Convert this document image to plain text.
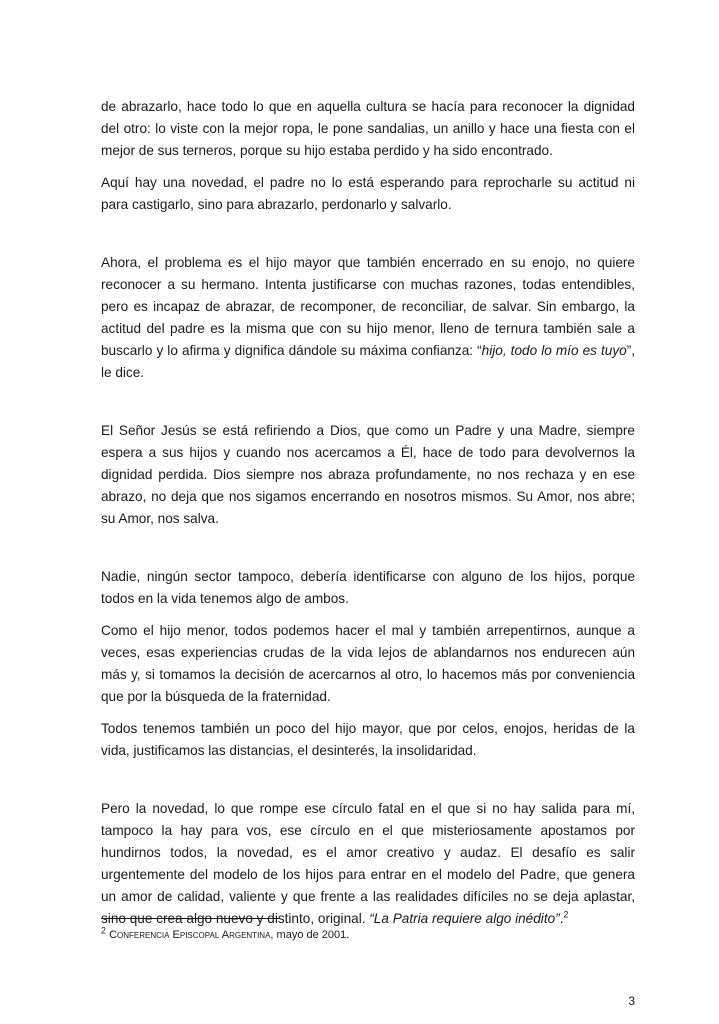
de abrazarlo, hace todo lo que en aquella cultura se hacía para reconocer la dignidad del otro: lo viste con la mejor ropa, le pone sandalias, un anillo y hace una fiesta con el mejor de sus terneros, porque su hijo estaba perdido y ha sido encontrado.

Aquí hay una novedad, el padre no lo está esperando para reprocharle su actitud ni para castigarlo, sino para abrazarlo, perdonarlo y salvarlo.

Ahora, el problema es el hijo mayor que también encerrado en su enojo, no quiere reconocer a su hermano. Intenta justificarse con muchas razones, todas entendibles, pero es incapaz de abrazar, de recomponer, de reconciliar, de salvar. Sin embargo, la actitud del padre es la misma que con su hijo menor, lleno de ternura también sale a buscarlo y lo afirma y dignifica dándole su máxima confianza: “hijo, todo lo mío es tuyo”, le dice.

El Señor Jesús se está refiriendo a Dios, que como un Padre y una Madre, siempre espera a sus hijos y cuando nos acercamos a Él, hace de todo para devolvernos la dignidad perdida. Dios siempre nos abraza profundamente, no nos rechaza y en ese abrazo, no deja que nos sigamos encerrando en nosotros mismos. Su Amor, nos abre; su Amor, nos salva.

Nadie, ningún sector tampoco, debería identificarse con alguno de los hijos, porque todos en la vida tenemos algo de ambos.

Como el hijo menor, todos podemos hacer el mal y también arrepentirnos, aunque a veces, esas experiencias crudas de la vida lejos de ablandarnos nos endurecen aún más y, si tomamos la decisión de acercarnos al otro, lo hacemos más por conveniencia que por la búsqueda de la fraternidad.

Todos tenemos también un poco del hijo mayor, que por celos, enojos, heridas de la vida, justificamos las distancias, el desinterés, la insolidaridad.

Pero la novedad, lo que rompe ese círculo fatal en el que si no hay salida para mí, tampoco la hay para vos, ese círculo en el que misteriosamente apostamos por hundirnos todos, la novedad, es el amor creativo y audaz. El desafío es salir urgentemente del modelo de los hijos para entrar en el modelo del Padre, que genera un amor de calidad, valiente y que frente a las realidades difíciles no se deja aplastar, sino que crea algo nuevo y distinto, original. “La Patria requiere algo inédito”.$^2$

$^2$ Conferencia Episcopal Argentina, mayo de 2001.

3
